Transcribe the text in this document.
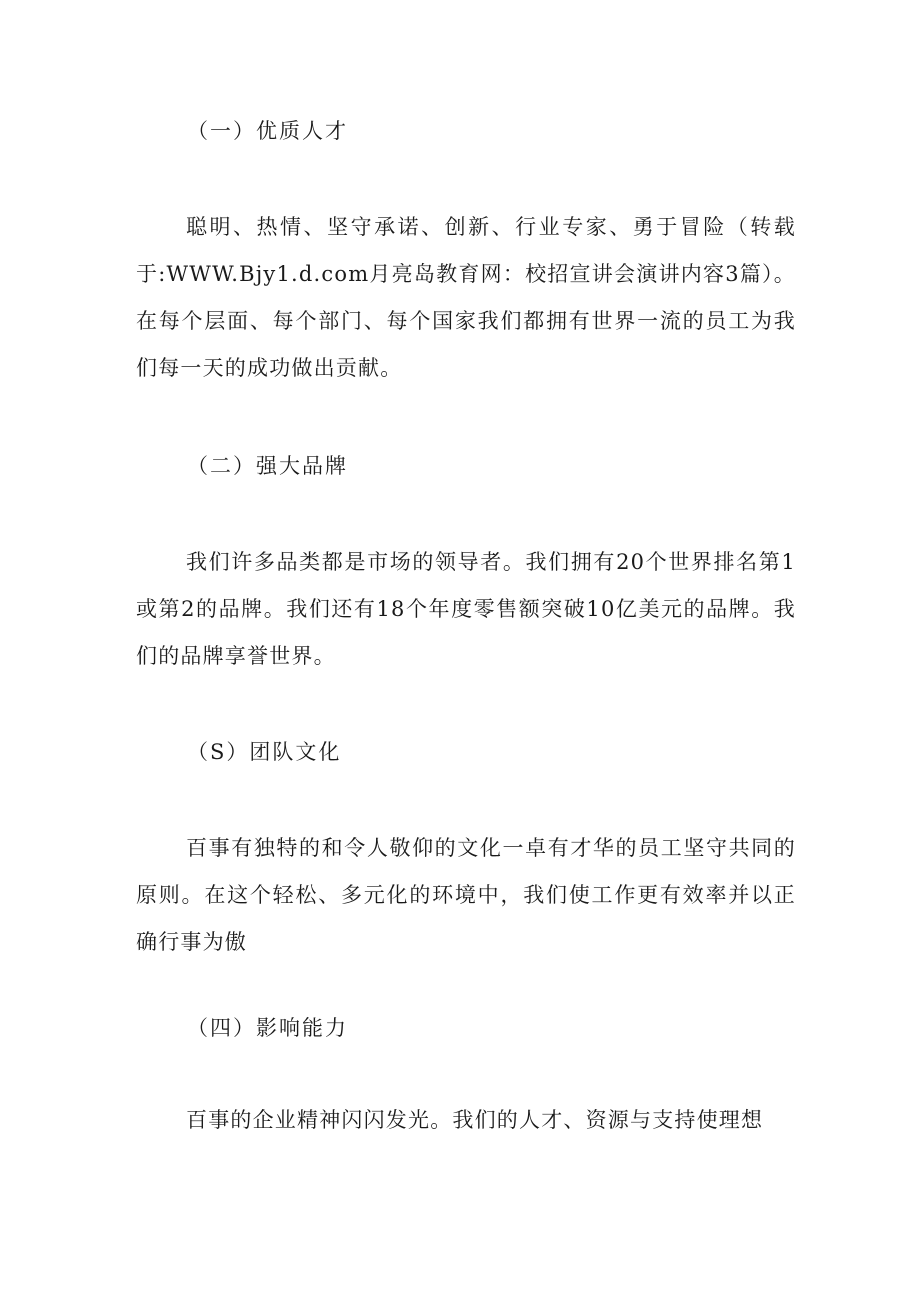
（一）优质人才
聪明、热情、坚守承诺、创新、行业专家、勇于冒险（转载于:WWW.Bjy1.d.com月亮岛教育网：校招宣讲会演讲内容3篇）。在每个层面、每个部门、每个国家我们都拥有世界一流的员工为我们每一天的成功做出贡献。
（二）强大品牌
我们许多品类都是市场的领导者。我们拥有20个世界排名第1或第2的品牌。我们还有18个年度零售额突破10亿美元的品牌。我们的品牌享誉世界。
（S）团队文化
百事有独特的和令人敬仰的文化一卓有才华的员工坚守共同的原则。在这个轻松、多元化的环境中，我们使工作更有效率并以正确行事为傲
（四）影响能力
百事的企业精神闪闪发光。我们的人才、资源与支持使理想
